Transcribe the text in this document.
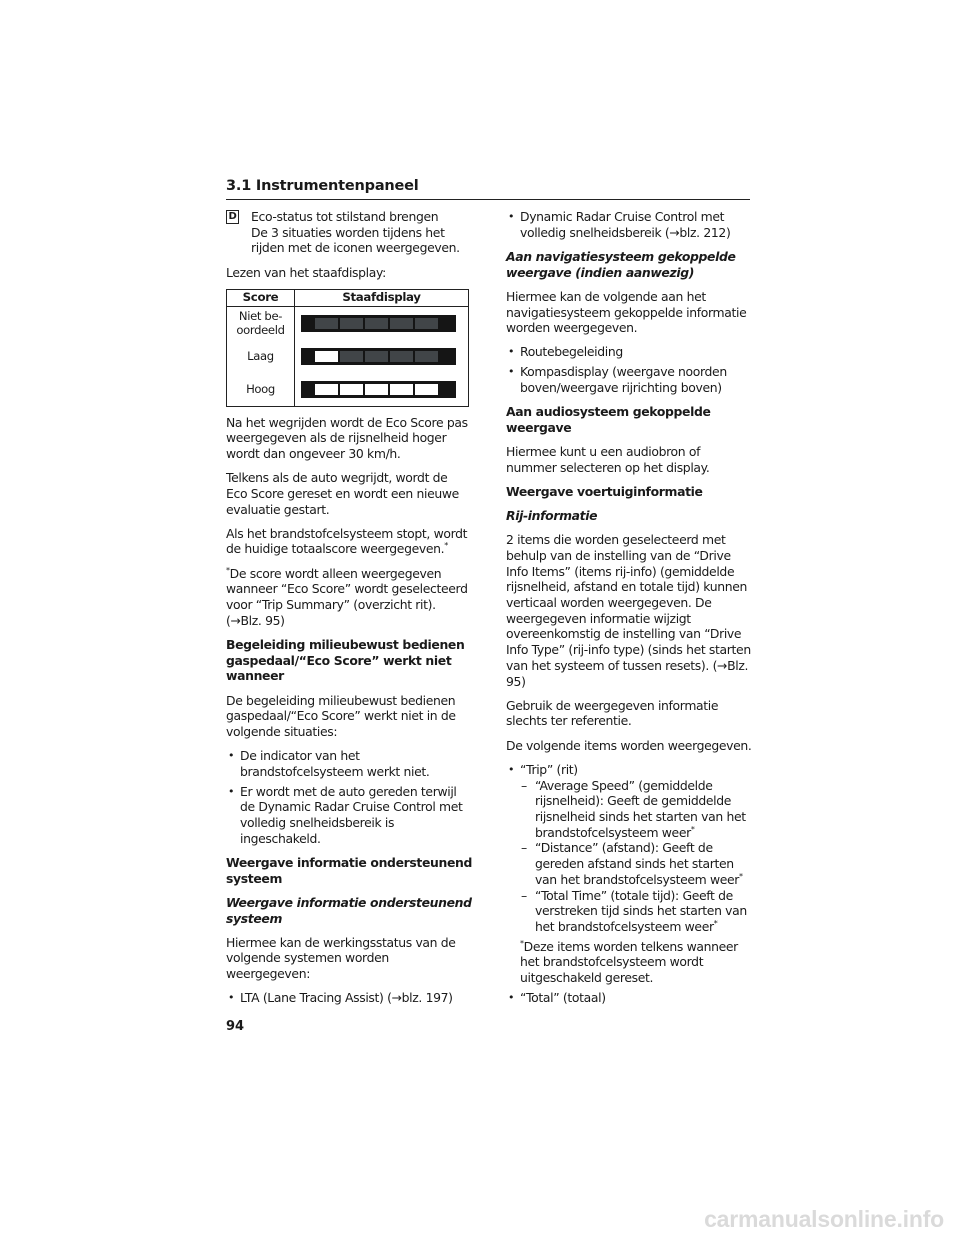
3.1 Instrumentenpaneel
D Eco-status tot stilstand brengen
De 3 situaties worden tijdens het rijden met de iconen weergegeven.

Lezen van het staafdisplay:

Score	Staafdisplay
Niet be-
oordeeld	

Laag	

Hoog	

Na het wegrijden wordt de Eco Score pas weergegeven als de rijsnelheid hoger wordt dan ongeveer 30 km/h.

Telkens als de auto wegrijdt, wordt de Eco Score gereset en wordt een nieuwe evaluatie gestart.

Als het brandstofcelsysteem stopt, wordt de huidige totaalscore weergegeven.*

*De score wordt alleen weergegeven wanneer “Eco Score” wordt geselecteerd voor “Trip Summary” (overzicht rit). (→Blz. 95)

Begeleiding milieubewust bedienen gaspedaal/“Eco Score” werkt niet wanneer

De begeleiding milieubewust bedienen gaspedaal/“Eco Score” werkt niet in de volgende situaties:

• De indicator van het brandstofcelsysteem werkt niet.
• Er wordt met de auto gereden terwijl de Dynamic Radar Cruise Control met volledig snelheidsbereik is ingeschakeld.

Weergave informatie ondersteunend systeem

Weergave informatie ondersteunend systeem

Hiermee kan de werkingsstatus van de volgende systemen worden weergegeven:

• LTA (Lane Tracing Assist) (→blz. 197)
• Dynamic Radar Cruise Control met volledig snelheidsbereik (→blz. 212)

Aan navigatiesysteem gekoppelde weergave (indien aanwezig)

Hiermee kan de volgende aan het navigatiesysteem gekoppelde informatie worden weergegeven.

• Routebegeleiding
• Kompasdisplay (weergave noorden boven/weergave rijrichting boven)

Aan audiosysteem gekoppelde weergave

Hiermee kunt u een audiobron of nummer selecteren op het display.

Weergave voertuiginformatie

Rij-informatie

2 items die worden geselecteerd met behulp van de instelling van de “Drive Info Items” (items rij-info) (gemiddelde rijsnelheid, afstand en totale tijd) kunnen verticaal worden weergegeven. De weergegeven informatie wijzigt overeenkomstig de instelling van “Drive Info Type” (rij-info type) (sinds het starten van het systeem of tussen resets). (→Blz. 95)

Gebruik de weergegeven informatie slechts ter referentie.

De volgende items worden weergegeven.

• “Trip” (rit)
– “Average Speed” (gemiddelde rijsnelheid): Geeft de gemiddelde rijsnelheid sinds het starten van het brandstofcelsysteem weer*
– “Distance” (afstand): Geeft de gereden afstand sinds het starten van het brandstofcelsysteem weer*
– “Total Time” (totale tijd): Geeft de verstreken tijd sinds het starten van het brandstofcelsysteem weer*
*Deze items worden telkens wanneer het brandstofcelsysteem wordt uitgeschakeld gereset.
• “Total” (totaal)
94
carmanualsonline.info
